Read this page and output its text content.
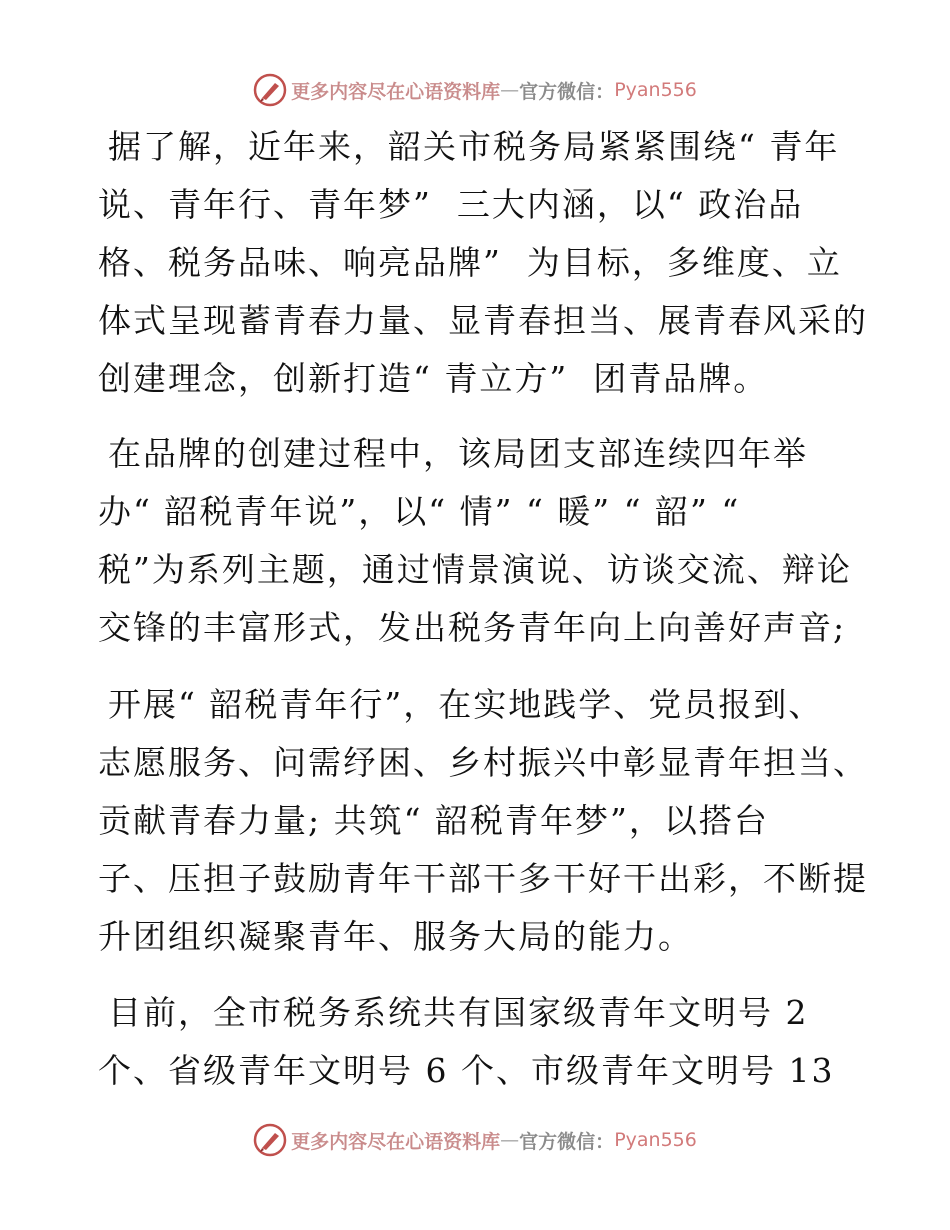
更多内容尽在心语资料库 — 官方微信： Pyan556
据了解，近年来，韶关市税务局紧紧围绕“ 青年
说、青年行、青年梦”  三大内涵，以“ 政治品
格、税务品味、响亮品牌”  为目标，多维度、立
体式呈现蓄青春力量、显青春担当、展青春风采的
创建理念，创新打造“ 青立方”  团青品牌。
在品牌的创建过程中，该局团支部连续四年举
办“ 韶税青年说”，以“ 情” “ 暖” “ 韶” “
税”为系列主题，通过情景演说、访谈交流、辩论
交锋的丰富形式，发出税务青年向上向善好声音;
开展“ 韶税青年行”，在实地践学、党员报到、
志愿服务、问需纾困、乡村振兴中彰显青年担当、
贡献青春力量; 共筑“ 韶税青年梦”，以搭台
子、压担子鼓励青年干部干多干好干出彩，不断提
升团组织凝聚青年、服务大局的能力。
目前，全市税务系统共有国家级青年文明号 2
个、省级青年文明号 6 个、市级青年文明号 13
更多内容尽在心语资料库 — 官方微信： Pyan556
